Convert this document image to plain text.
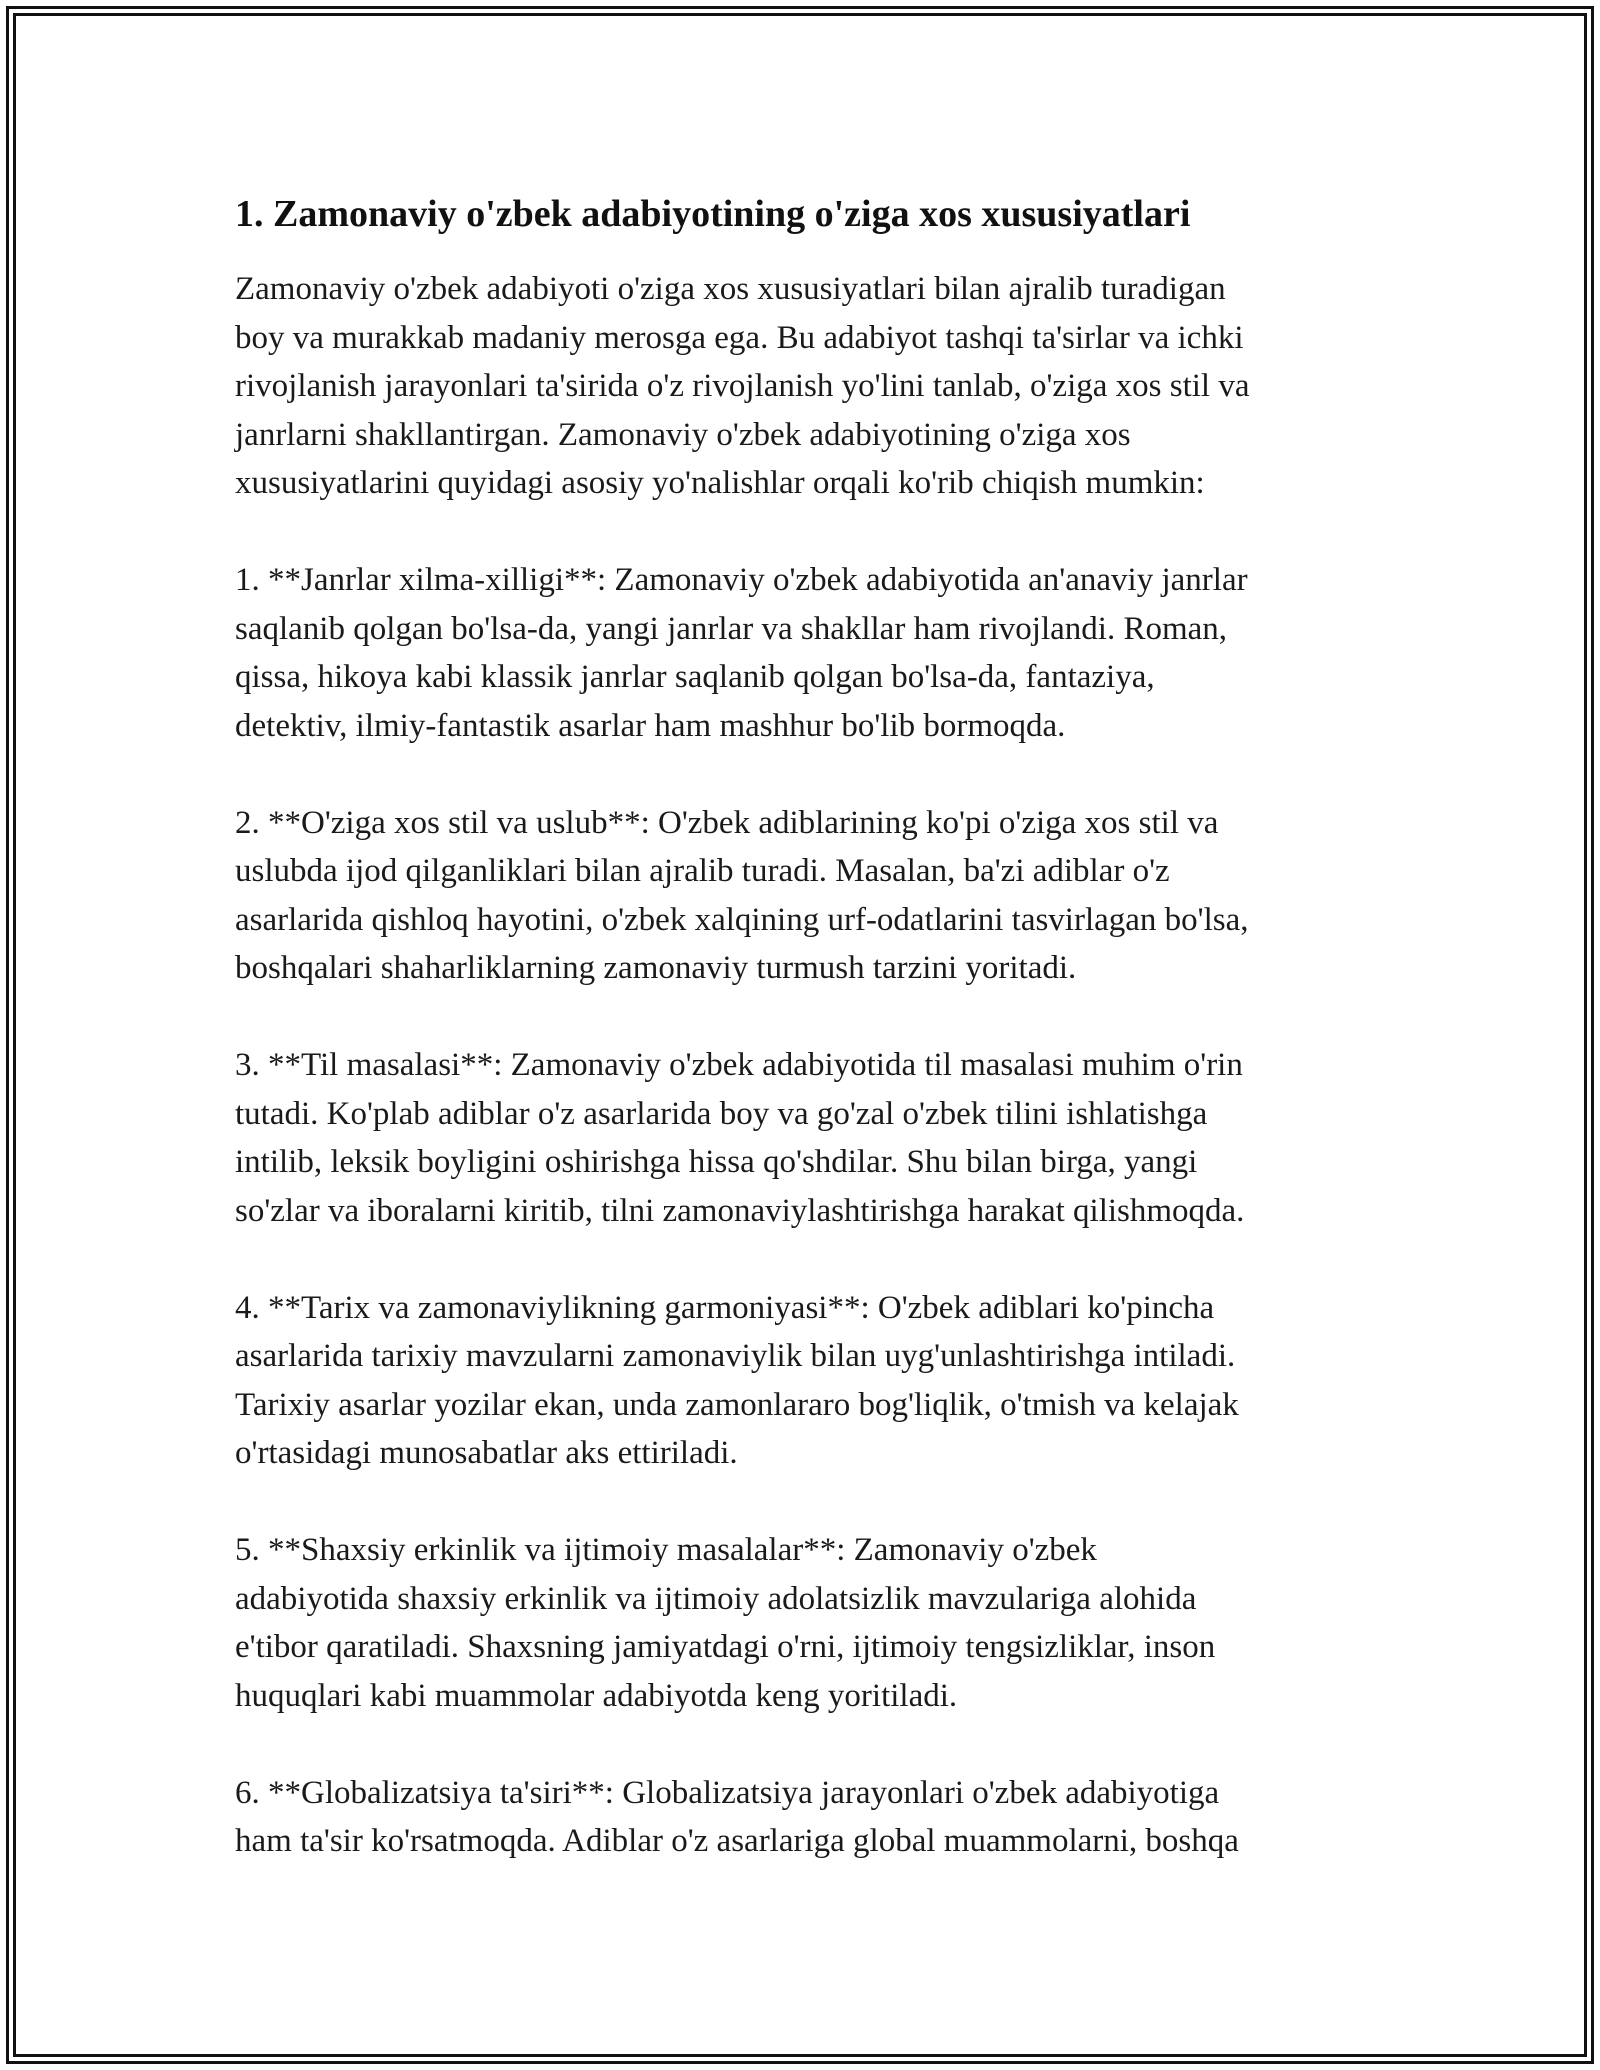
1. Zamonaviy o'zbek adabiyotining o'ziga xos xususiyatlari

Zamonaviy o'zbek adabiyoti o'ziga xos xususiyatlari bilan ajralib turadigan
boy va murakkab madaniy merosga ega. Bu adabiyot tashqi ta'sirlar va ichki
rivojlanish jarayonlari ta'sirida o'z rivojlanish yo'lini tanlab, o'ziga xos stil va
janrlarni shakllantirgan. Zamonaviy o'zbek adabiyotining o'ziga xos
xususiyatlarini quyidagi asosiy yo'nalishlar orqali ko'rib chiqish mumkin:

1. **Janrlar xilma-xilligi**: Zamonaviy o'zbek adabiyotida an'anaviy janrlar
saqlanib qolgan bo'lsa-da, yangi janrlar va shakllar ham rivojlandi. Roman,
qissa, hikoya kabi klassik janrlar saqlanib qolgan bo'lsa-da, fantaziya,
detektiv, ilmiy-fantastik asarlar ham mashhur bo'lib bormoqda.

2. **O'ziga xos stil va uslub**: O'zbek adiblarining ko'pi o'ziga xos stil va
uslubda ijod qilganliklari bilan ajralib turadi. Masalan, ba'zi adiblar o'z
asarlarida qishloq hayotini, o'zbek xalqining urf-odatlarini tasvirlagan bo'lsa,
boshqalari shaharliklarning zamonaviy turmush tarzini yoritadi.

3. **Til masalasi**: Zamonaviy o'zbek adabiyotida til masalasi muhim o'rin
tutadi. Ko'plab adiblar o'z asarlarida boy va go'zal o'zbek tilini ishlatishga
intilib, leksik boyligini oshirishga hissa qo'shdilar. Shu bilan birga, yangi
so'zlar va iboralarni kiritib, tilni zamonaviylashtirishga harakat qilishmoqda.

4. **Tarix va zamonaviylikning garmoniyasi**: O'zbek adiblari ko'pincha
asarlarida tarixiy mavzularni zamonaviylik bilan uyg'unlashtirishga intiladi.
Tarixiy asarlar yozilar ekan, unda zamonlararo bog'liqlik, o'tmish va kelajak
o'rtasidagi munosabatlar aks ettiriladi.

5. **Shaxsiy erkinlik va ijtimoiy masalalar**: Zamonaviy o'zbek
adabiyotida shaxsiy erkinlik va ijtimoiy adolatsizlik mavzulariga alohida
e'tibor qaratiladi. Shaxsning jamiyatdagi o'rni, ijtimoiy tengsizliklar, inson
huquqlari kabi muammolar adabiyotda keng yoritiladi.

6. **Globalizatsiya ta'siri**: Globalizatsiya jarayonlari o'zbek adabiyotiga
ham ta'sir ko'rsatmoqda. Adiblar o'z asarlariga global muammolarni, boshqa
